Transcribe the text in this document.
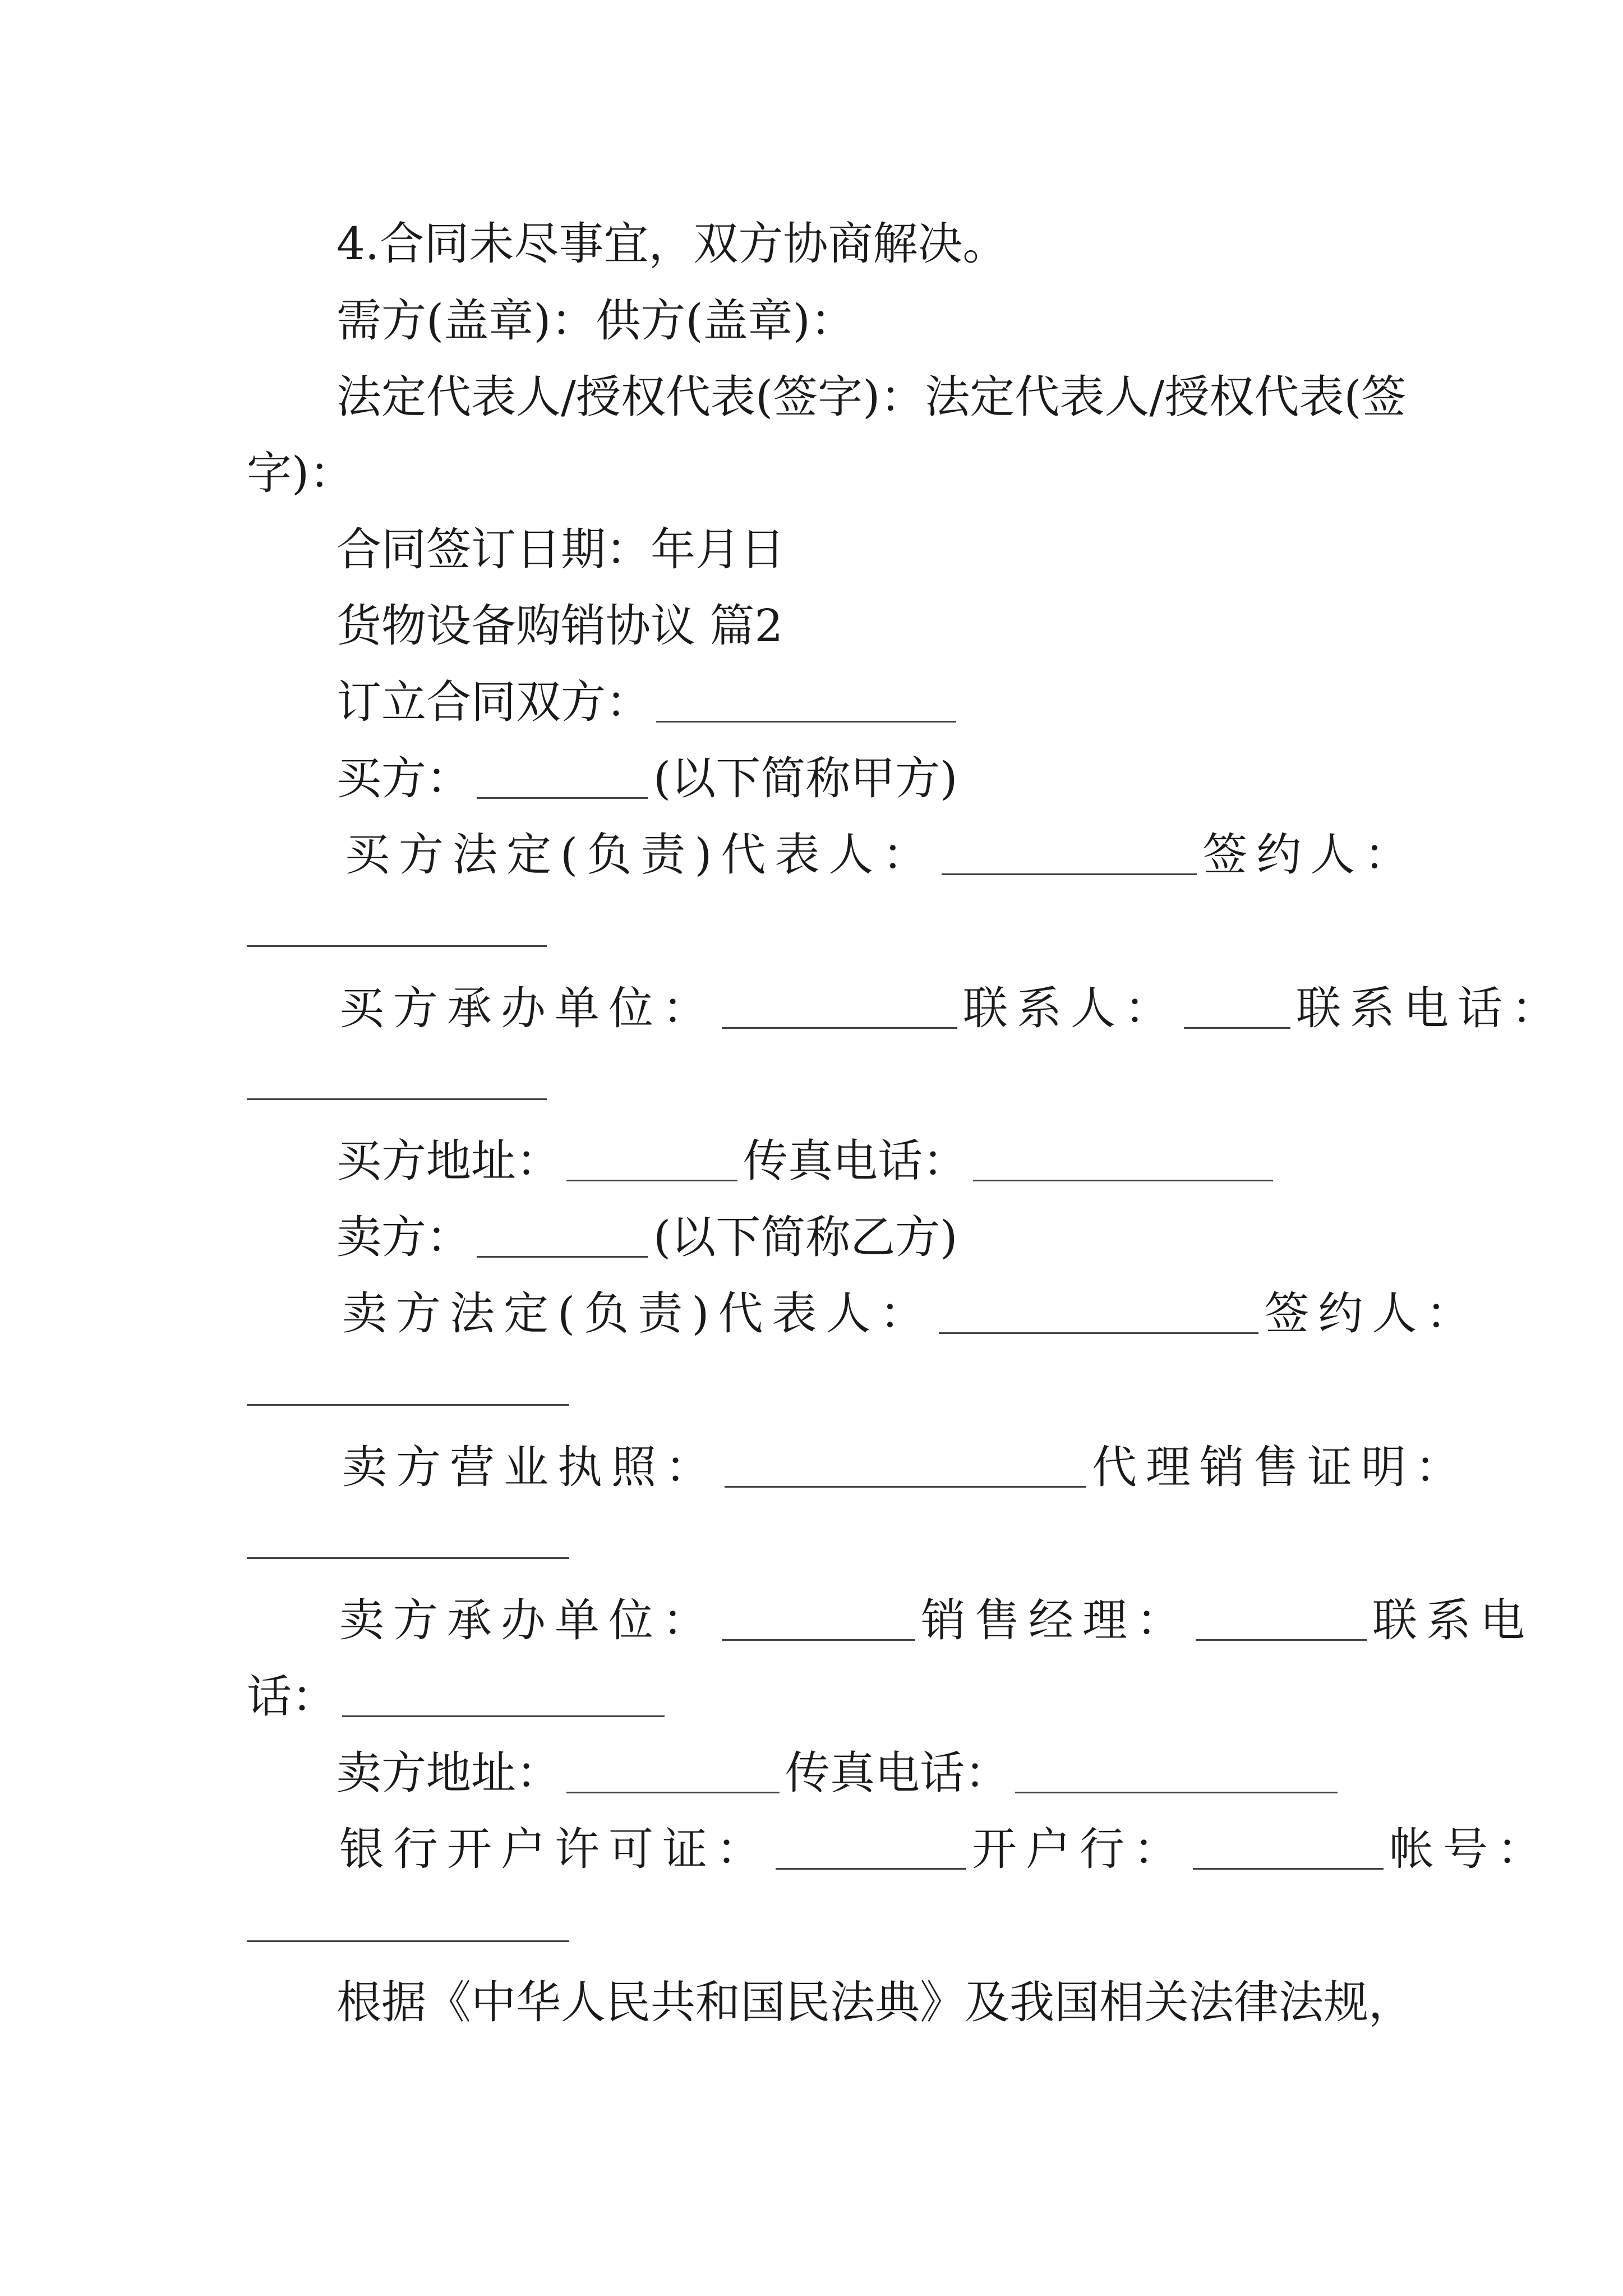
4.合同未尽事宜，双方协商解决。

需方(盖章)：供方(盖章)：

法定代表人/授权代表(签字)：法定代表人/授权代表(签

字)：

合同签订日期：年月日

货物设备购销协议 篇2

订立合同双方：

买方：	(以下简称甲方)

买方法定(负责)代表人：	签约人：

买方承办单位：	联系人：	联系电话：

买方地址：	传真电话：

卖方：	(以下简称乙方)

卖方法定(负责)代表人：	签约人：

卖方营业执照：	代理销售证明：

卖方承办单位：	销售经理：	联系电

话：

卖方地址：	传真电话：

银行开户许可证：	开户行：	帐号：

根据《中华人民共和国民法典》及我国相关法律法规，
